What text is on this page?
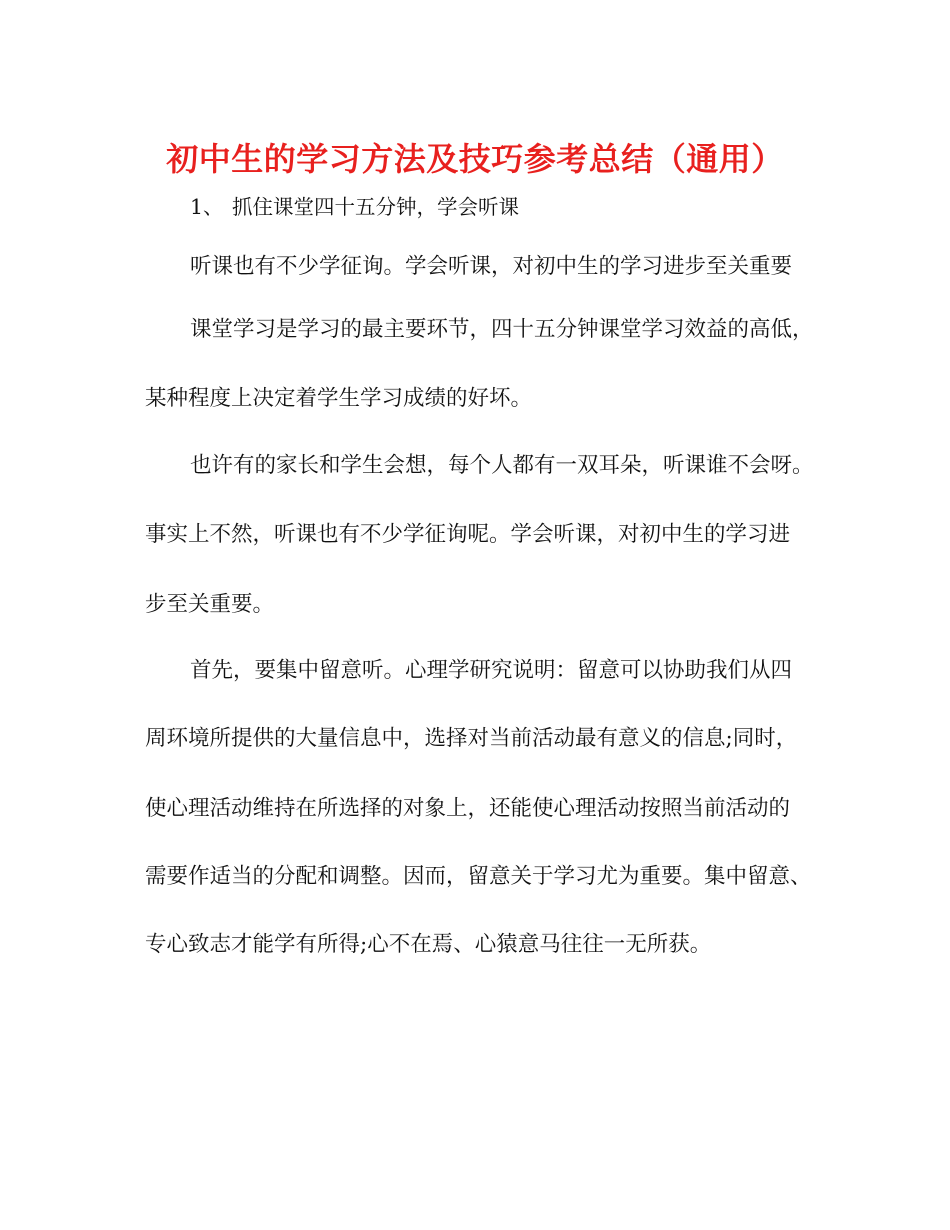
初中生的学习方法及技巧参考总结（通用）
1、 抓住课堂四十五分钟，学会听课
听课也有不少学征询。学会听课，对初中生的学习进步至关重要
课堂学习是学习的最主要环节，四十五分钟课堂学习效益的高低，
某种程度上决定着学生学习成绩的好坏。
也许有的家长和学生会想，每个人都有一双耳朵，听课谁不会呀。
事实上不然，听课也有不少学征询呢。学会听课，对初中生的学习进
步至关重要。
首先，要集中留意听。心理学研究说明：留意可以协助我们从四
周环境所提供的大量信息中，选择对当前活动最有意义的信息;同时，
使心理活动维持在所选择的对象上，还能使心理活动按照当前活动的
需要作适当的分配和调整。因而，留意关于学习尤为重要。集中留意、
专心致志才能学有所得;心不在焉、心猿意马往往一无所获。
